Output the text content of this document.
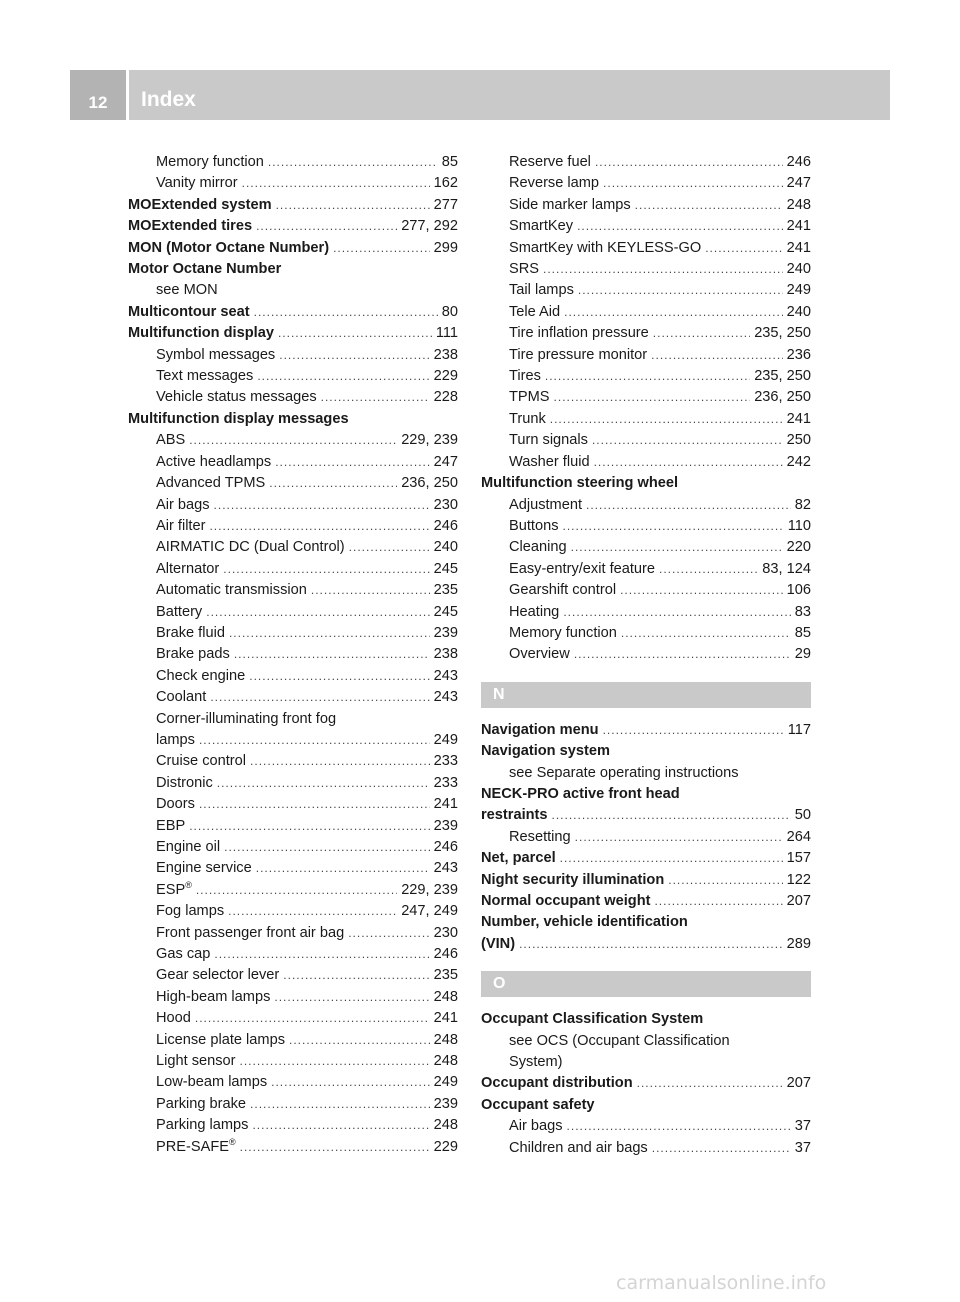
12	Index
Memory function .....	85
Vanity mirror .....	162
MOExtended system .....	277
MOExtended tires .....	277, 292
MON (Motor Octane Number) .....	299
Motor Octane Number
see MON
Multicontour seat .....	80
Multifunction display .....	111
Symbol messages .....	238
Text messages .....	229
Vehicle status messages .....	228
Multifunction display messages
ABS .....	229, 239
Active headlamps .....	247
Advanced TPMS .....	236, 250
Air bags .....	230
Air filter .....	246
AIRMATIC DC (Dual Control) .....	240
Alternator .....	245
Automatic transmission .....	235
Battery .....	245
Brake fluid .....	239
Brake pads .....	238
Check engine .....	243
Coolant .....	243
Corner-illuminating front fog
lamps .....	249
Cruise control .....	233
Distronic .....	233
Doors .....	241
EBP .....	239
Engine oil .....	246
Engine service .....	243
ESP® .....	229, 239
Fog lamps .....	247, 249
Front passenger front air bag .....	230
Gas cap .....	246
Gear selector lever .....	235
High-beam lamps .....	248
Hood .....	241
License plate lamps .....	248
Light sensor .....	248
Low-beam lamps .....	249
Parking brake .....	239
Parking lamps .....	248
PRE-SAFE® .....	229
Reserve fuel .....	246
Reverse lamp .....	247
Side marker lamps .....	248
SmartKey .....	241
SmartKey with KEYLESS-GO .....	241
SRS .....	240
Tail lamps .....	249
Tele Aid .....	240
Tire inflation pressure .....	235, 250
Tire pressure monitor .....	236
Tires .....	235, 250
TPMS .....	236, 250
Trunk .....	241
Turn signals .....	250
Washer fluid .....	242
Multifunction steering wheel
Adjustment .....	82
Buttons .....	110
Cleaning .....	220
Easy-entry/exit feature .....	83, 124
Gearshift control .....	106
Heating .....	83
Memory function .....	85
Overview .....	29
N
Navigation menu .....	117
Navigation system
see Separate operating instructions
NECK-PRO active front head
restraints .....	50
Resetting .....	264
Net, parcel .....	157
Night security illumination .....	122
Normal occupant weight .....	207
Number, vehicle identification
(VIN) .....	289
O
Occupant Classification System
see OCS (Occupant Classification
System)
Occupant distribution .....	207
Occupant safety
Air bags .....	37
Children and air bags .....	37
carmanualsonline.info
